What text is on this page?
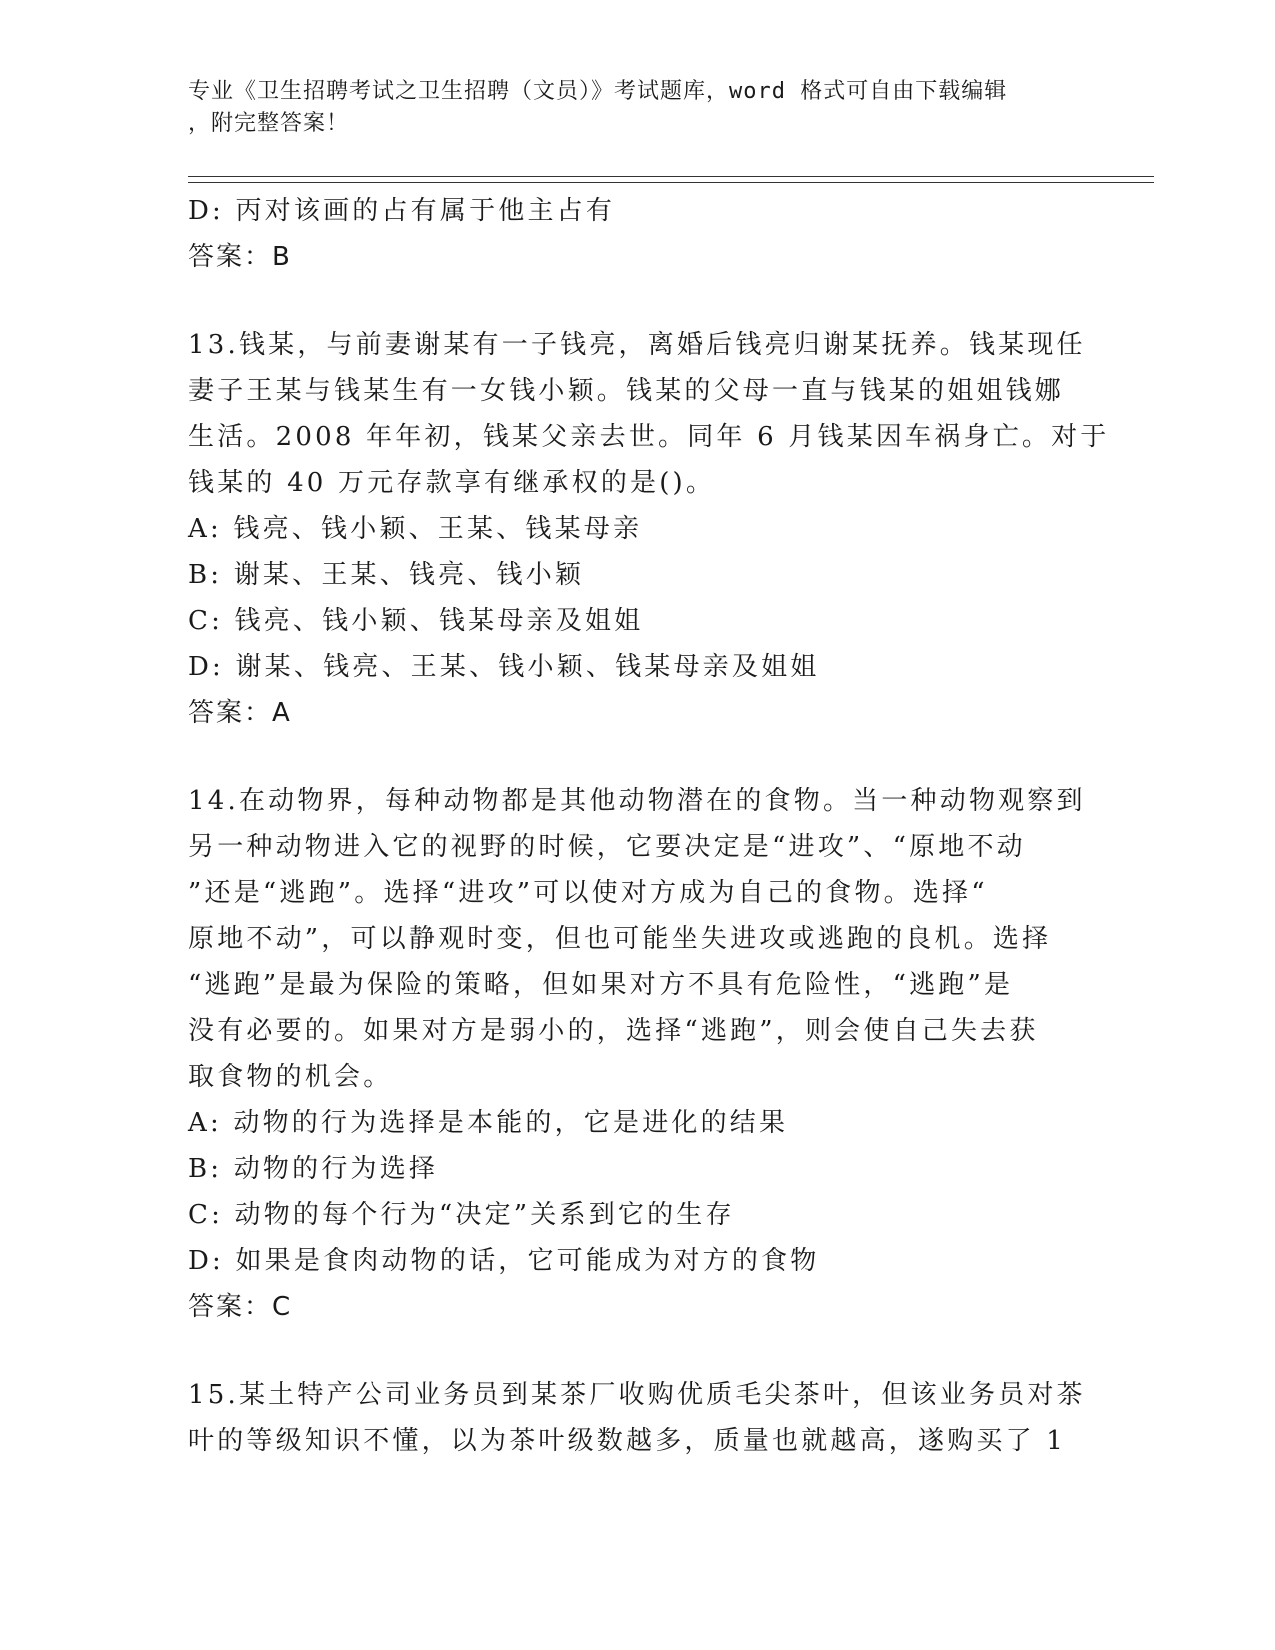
专业《卫生招聘考试之卫生招聘（文员）》考试题库，word 格式可自由下载编辑
，附完整答案！
D: 丙对该画的占有属于他主占有
答案：B
13.钱某，与前妻谢某有一子钱亮，离婚后钱亮归谢某抚养。钱某现任
妻子王某与钱某生有一女钱小颖。钱某的父母一直与钱某的姐姐钱娜
生活。2008 年年初，钱某父亲去世。同年 6 月钱某因车祸身亡。对于
钱某的 40 万元存款享有继承权的是()。
A: 钱亮、钱小颖、王某、钱某母亲
B: 谢某、王某、钱亮、钱小颖
C: 钱亮、钱小颖、钱某母亲及姐姐
D: 谢某、钱亮、王某、钱小颖、钱某母亲及姐姐
答案：A
14.在动物界，每种动物都是其他动物潜在的食物。当一种动物观察到
另一种动物进入它的视野的时候，它要决定是“进攻”、“原地不动
”还是“逃跑”。选择“进攻”可以使对方成为自己的食物。选择“
原地不动”，可以静观时变，但也可能坐失进攻或逃跑的良机。选择
“逃跑”是最为保险的策略，但如果对方不具有危险性，“逃跑”是
没有必要的。如果对方是弱小的，选择“逃跑”，则会使自己失去获
取食物的机会。
A: 动物的行为选择是本能的，它是进化的结果
B: 动物的行为选择
C: 动物的每个行为“决定”关系到它的生存
D: 如果是食肉动物的话，它可能成为对方的食物
答案：C
15.某土特产公司业务员到某茶厂收购优质毛尖茶叶，但该业务员对茶
叶的等级知识不懂，以为茶叶级数越多，质量也就越高，遂购买了 1
